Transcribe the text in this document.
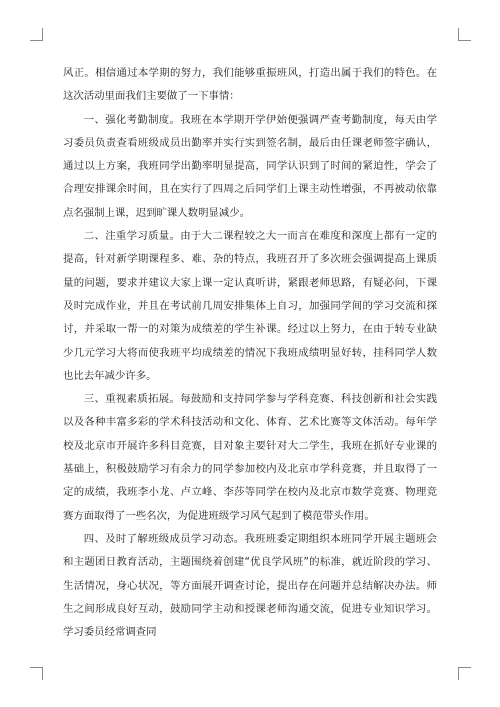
风正。相信通过本学期的努力，我们能够重振班风，打造出属于我们的特色。在这次活动里面我们主要做了一下事情：

一、强化考勤制度。我班在本学期开学伊始便强调严查考勤制度，每天由学习委员负责查看班级成员出勤率并实行实到签名制，最后由任课老师签字确认，通过以上方案，我班同学出勤率明显提高，同学认识到了时间的紧迫性，学会了合理安排课余时间，且在实行了四周之后同学们上课主动性增强，不再被动依靠点名强制上课，迟到旷课人数明显减少。

二、注重学习质量。由于大二课程较之大一而言在难度和深度上都有一定的提高，针对新学期课程多、难、杂的特点，我班召开了多次班会强调提高上课质量的问题，要求并建议大家上课一定认真听讲，紧跟老师思路，有疑必问，下课及时完成作业，并且在考试前几周安排集体上自习，加强同学间的学习交流和探讨，并采取一帮一的对策为成绩差的学生补课。经过以上努力，在由于转专业缺少几元学习大将而使我班平均成绩差的情况下我班成绩明显好转，挂科同学人数也比去年减少许多。

三、重视素质拓展。每鼓励和支持同学参与学科竞赛、科技创新和社会实践以及各种丰富多彩的学术科技活动和文化、体育、艺术比赛等文体活动。每年学校及北京市开展许多科目竞赛，目对象主要针对大二学生，我班在抓好专业课的基础上，积极鼓励学习有余力的同学参加校内及北京市学科竞赛，并且取得了一定的成绩，我班李小龙、卢立峰、李莎等同学在校内及北京市数学竞赛、物理竞赛方面取得了一些名次，为促进班级学习风气起到了模范带头作用。

四、及时了解班级成员学习动态。我班班委定期组织本班同学开展主题班会和主题团日教育活动，主题围绕着创建“优良学风班”的标准，就近阶段的学习、生活情况，身心状况，等方面展开调查讨论，提出存在问题并总结解决办法。师生之间形成良好互动，鼓励同学主动和授课老师沟通交流，促进专业知识学习。学习委员经常调查同
